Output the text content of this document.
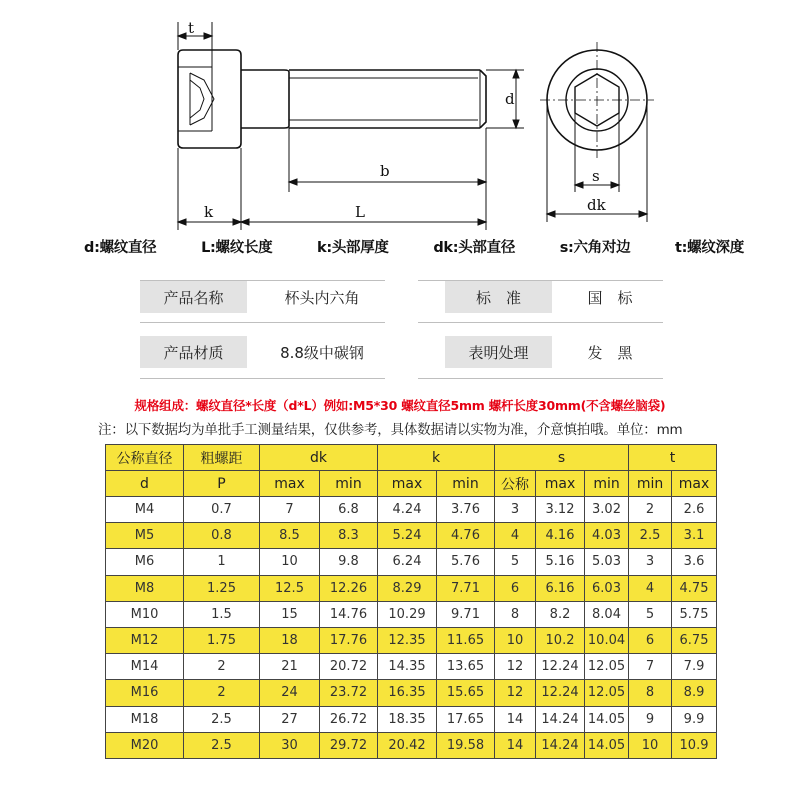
t
d
b
k	L
s
dk
d:螺纹直径	L:螺纹长度	k:头部厚度	dk:头部直径	s:六角对边	t:螺纹深度
产品名称	杯头内六角	标　准	国　标
产品材质	8.8级中碳钢	表明处理	发　黑
规格组成：螺纹直径*长度（d*L）例如:M5*30 螺纹直径5mm 螺杆长度30mm(不含螺丝脑袋)
注：以下数据均为单批手工测量结果，仅供参考，具体数据请以实物为准，介意慎拍哦。单位：mm
公称直径	粗螺距	dk		k		s			t	
d	P	max	min	max	min	公称	max	min	min	max
M4	0.7	7	6.8	4.24	3.76	3	3.12	3.02	2	2.6
M5	0.8	8.5	8.3	5.24	4.76	4	4.16	4.03	2.5	3.1
M6	1	10	9.8	6.24	5.76	5	5.16	5.03	3	3.6
M8	1.25	12.5	12.26	8.29	7.71	6	6.16	6.03	4	4.75
M10	1.5	15	14.76	10.29	9.71	8	8.2	8.04	5	5.75
M12	1.75	18	17.76	12.35	11.65	10	10.2	10.04	6	6.75
M14	2	21	20.72	14.35	13.65	12	12.24	12.05	7	7.9
M16	2	24	23.72	16.35	15.65	12	12.24	12.05	8	8.9
M18	2.5	27	26.72	18.35	17.65	14	14.24	14.05	9	9.9
M20	2.5	30	29.72	20.42	19.58	14	14.24	14.05	10	10.9
